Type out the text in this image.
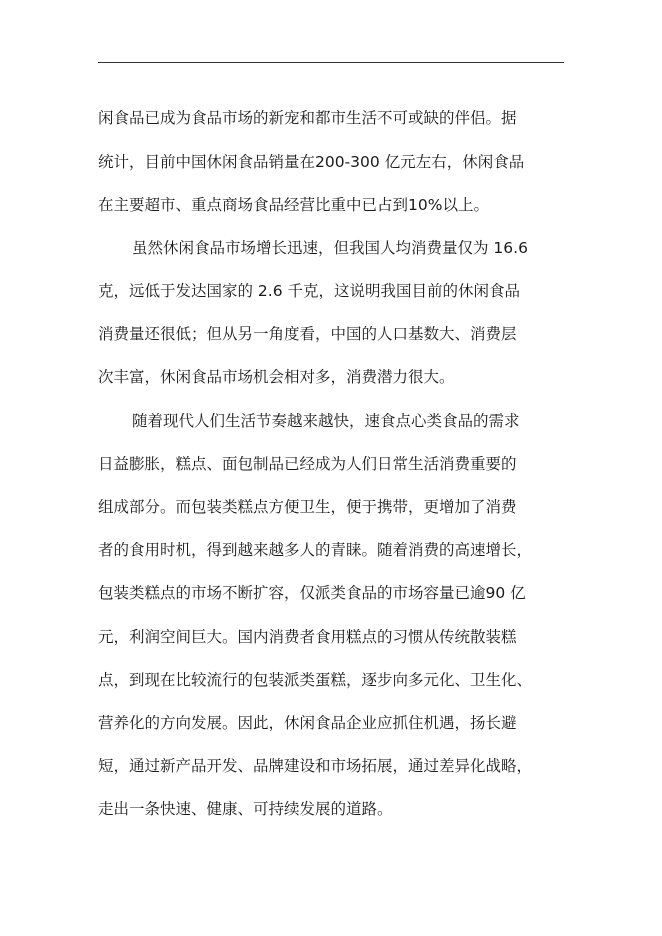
闲食品已成为食品市场的新宠和都市生活不可或缺的伴侣。据
统计，目前中国休闲食品销量在200-300 亿元左右，休闲食品
在主要超市、重点商场食品经营比重中已占到10%以上。
虽然休闲食品市场增长迅速，但我国人均消费量仅为 16.6
克，远低于发达国家的 2.6 千克，这说明我国目前的休闲食品
消费量还很低；但从另一角度看，中国的人口基数大、消费层
次丰富，休闲食品市场机会相对多，消费潜力很大。
随着现代人们生活节奏越来越快，速食点心类食品的需求
日益膨胀，糕点、面包制品已经成为人们日常生活消费重要的
组成部分。而包装类糕点方便卫生，便于携带，更增加了消费
者的食用时机，得到越来越多人的青睐。随着消费的高速增长，
包装类糕点的市场不断扩容，仅派类食品的市场容量已逾90 亿
元，利润空间巨大。国内消费者食用糕点的习惯从传统散装糕
点，到现在比较流行的包装派类蛋糕，逐步向多元化、卫生化、
营养化的方向发展。因此，休闲食品企业应抓住机遇，扬长避
短，通过新产品开发、品牌建设和市场拓展，通过差异化战略，
走出一条快速、健康、可持续发展的道路。
